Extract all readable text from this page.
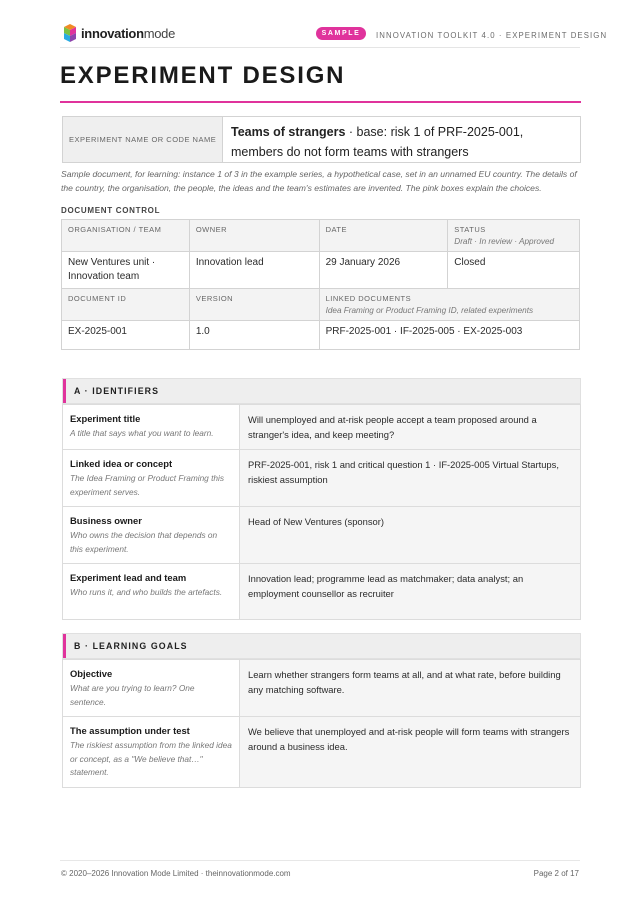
innovationmode	SAMPLE	INNOVATION TOOLKIT 4.0 · EXPERIMENT DESIGN
EXPERIMENT DESIGN
EXPERIMENT NAME OR CODE NAME
Teams of strangers · base: risk 1 of PRF-2025-001, members do not form teams with strangers

Sample document, for learning: instance 1 of 3 in the example series, a hypothetical case, set in an unnamed EU country. The details of the country, the organisation, the people, the ideas and the team's estimates are invented. The pink boxes explain the choices.

DOCUMENT CONTROL
ORGANISATION / TEAM	OWNER	DATE	STATUS
Draft · In review · Approved

New Ventures unit · Innovation team	Innovation lead	29 January 2026	Closed
DOCUMENT ID	VERSION	LINKED DOCUMENTS
Idea Framing or Product Framing ID, related experiments	

EX-2025-001	1.0	PRF-2025-001 · IF-2025-005 · EX-2025-003	
A · IDENTIFIERS
Experiment title
A title that says what you want to learn.	Will unemployed and at-risk people accept a team proposed around a stranger's idea, and keep meeting?

Linked idea or concept
The Idea Framing or Product Framing this experiment serves.	PRF-2025-001, risk 1 and critical question 1 · IF-2025-005 Virtual Startups, riskiest assumption

Business owner
Who owns the decision that depends on this experiment.	Head of New Ventures (sponsor)

Experiment lead and team
Who runs it, and who builds the artefacts.	Innovation lead; programme lead as matchmaker; data analyst; an employment counsellor as recruiter
B · LEARNING GOALS
Objective
What are you trying to learn? One sentence.	Learn whether strangers form teams at all, and at what rate, before building any matching software.

The assumption under test
The riskiest assumption from the linked idea or concept, as a "We believe that…" statement.	We believe that unemployed and at-risk people will form teams with strangers around a business idea.
© 2020–2026 Innovation Mode Limited · theinnovationmode.com	Page 2 of 17
